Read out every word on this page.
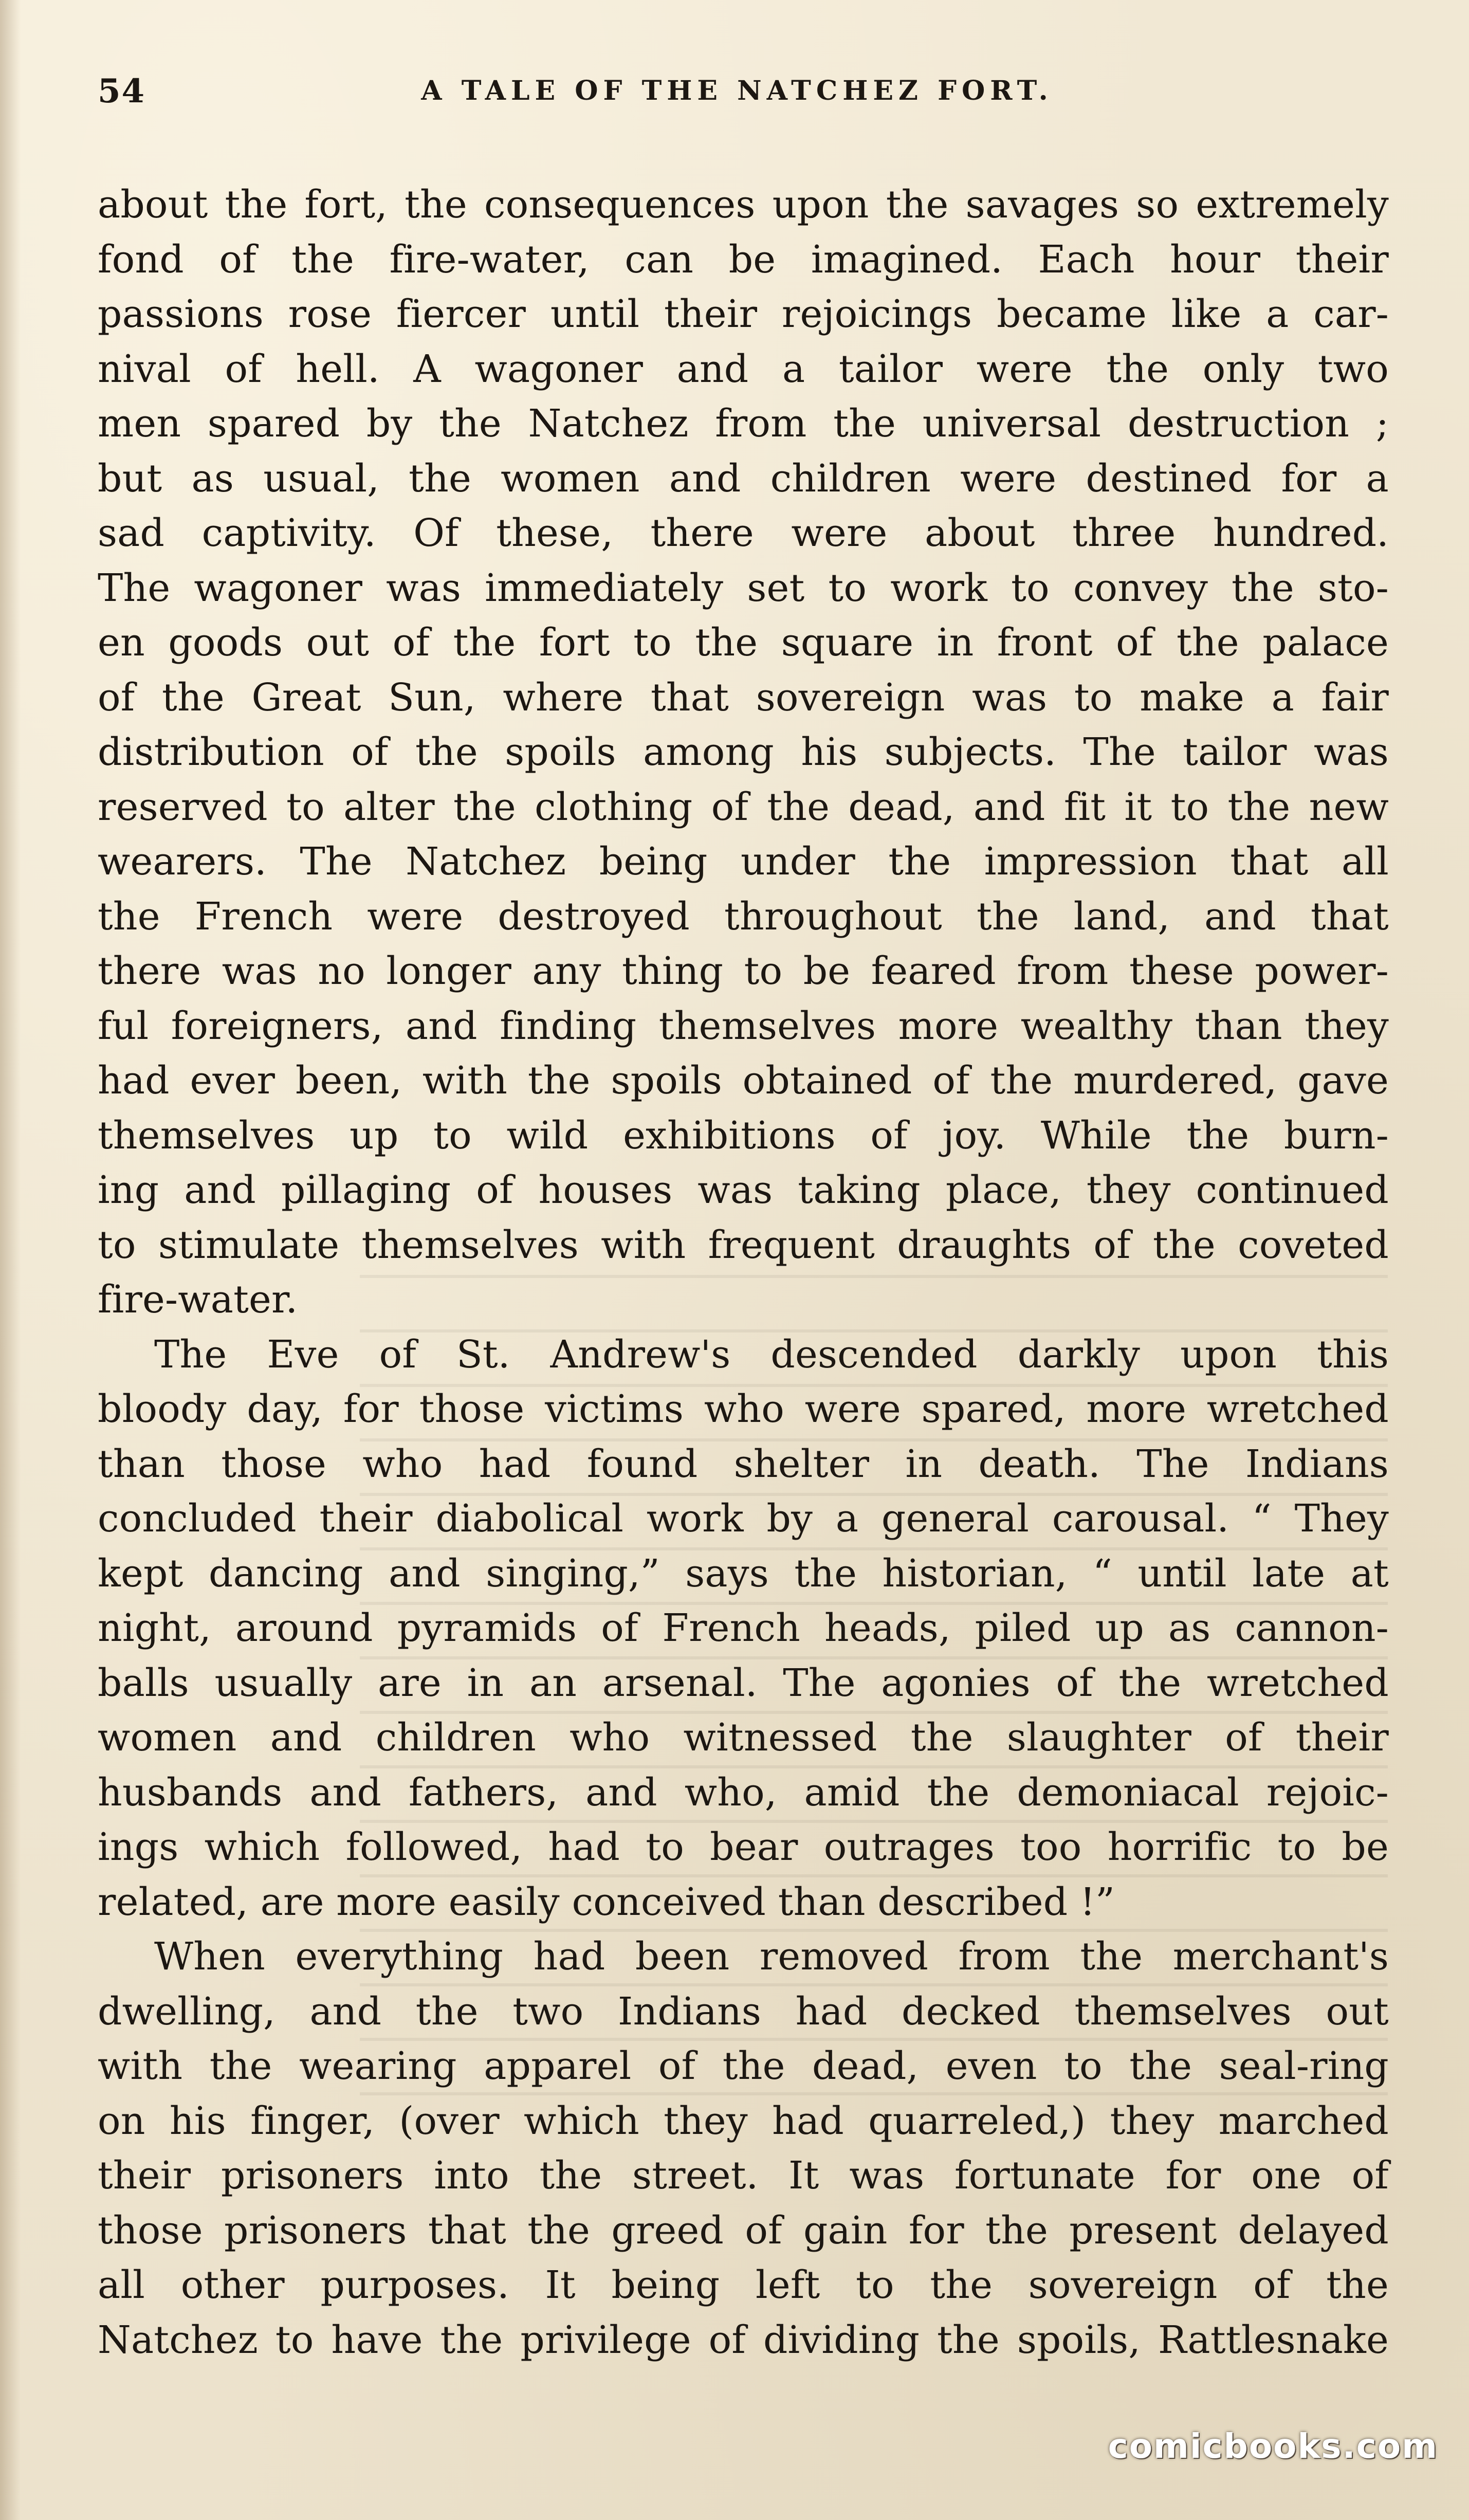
54	A TALE OF THE NATCHEZ FORT.
about the fort, the consequences upon the savages so extremely
fond of the fire-water, can be imagined. Each hour their
passions rose fiercer until their rejoicings became like a car-
nival of hell. A wagoner and a tailor were the only two
men spared by the Natchez from the universal destruction ;
but as usual, the women and children were destined for a
sad captivity. Of these, there were about three hundred.
The wagoner was immediately set to work to convey the sto-
en goods out of the fort to the square in front of the palace
of the Great Sun, where that sovereign was to make a fair
distribution of the spoils among his subjects. The tailor was
reserved to alter the clothing of the dead, and fit it to the new
wearers. The Natchez being under the impression that all
the French were destroyed throughout the land, and that
there was no longer any thing to be feared from these power-
ful foreigners, and finding themselves more wealthy than they
had ever been, with the spoils obtained of the murdered, gave
themselves up to wild exhibitions of joy. While the burn-
ing and pillaging of houses was taking place, they continued
to stimulate themselves with frequent draughts of the coveted
fire-water.
The Eve of St. Andrew's descended darkly upon this
bloody day, for those victims who were spared, more wretched
than those who had found shelter in death. The Indians
concluded their diabolical work by a general carousal. “ They
kept dancing and singing,” says the historian, “ until late at
night, around pyramids of French heads, piled up as cannon-
balls usually are in an arsenal. The agonies of the wretched
women and children who witnessed the slaughter of their
husbands and fathers, and who, amid the demoniacal rejoic-
ings which followed, had to bear outrages too horrific to be
related, are more easily conceived than described !”
When everything had been removed from the merchant's
dwelling, and the two Indians had decked themselves out
with the wearing apparel of the dead, even to the seal-ring
on his finger, (over which they had quarreled,) they marched
their prisoners into the street. It was fortunate for one of
those prisoners that the greed of gain for the present delayed
all other purposes. It being left to the sovereign of the
Natchez to have the privilege of dividing the spoils, Rattlesnake
comicbooks.com
